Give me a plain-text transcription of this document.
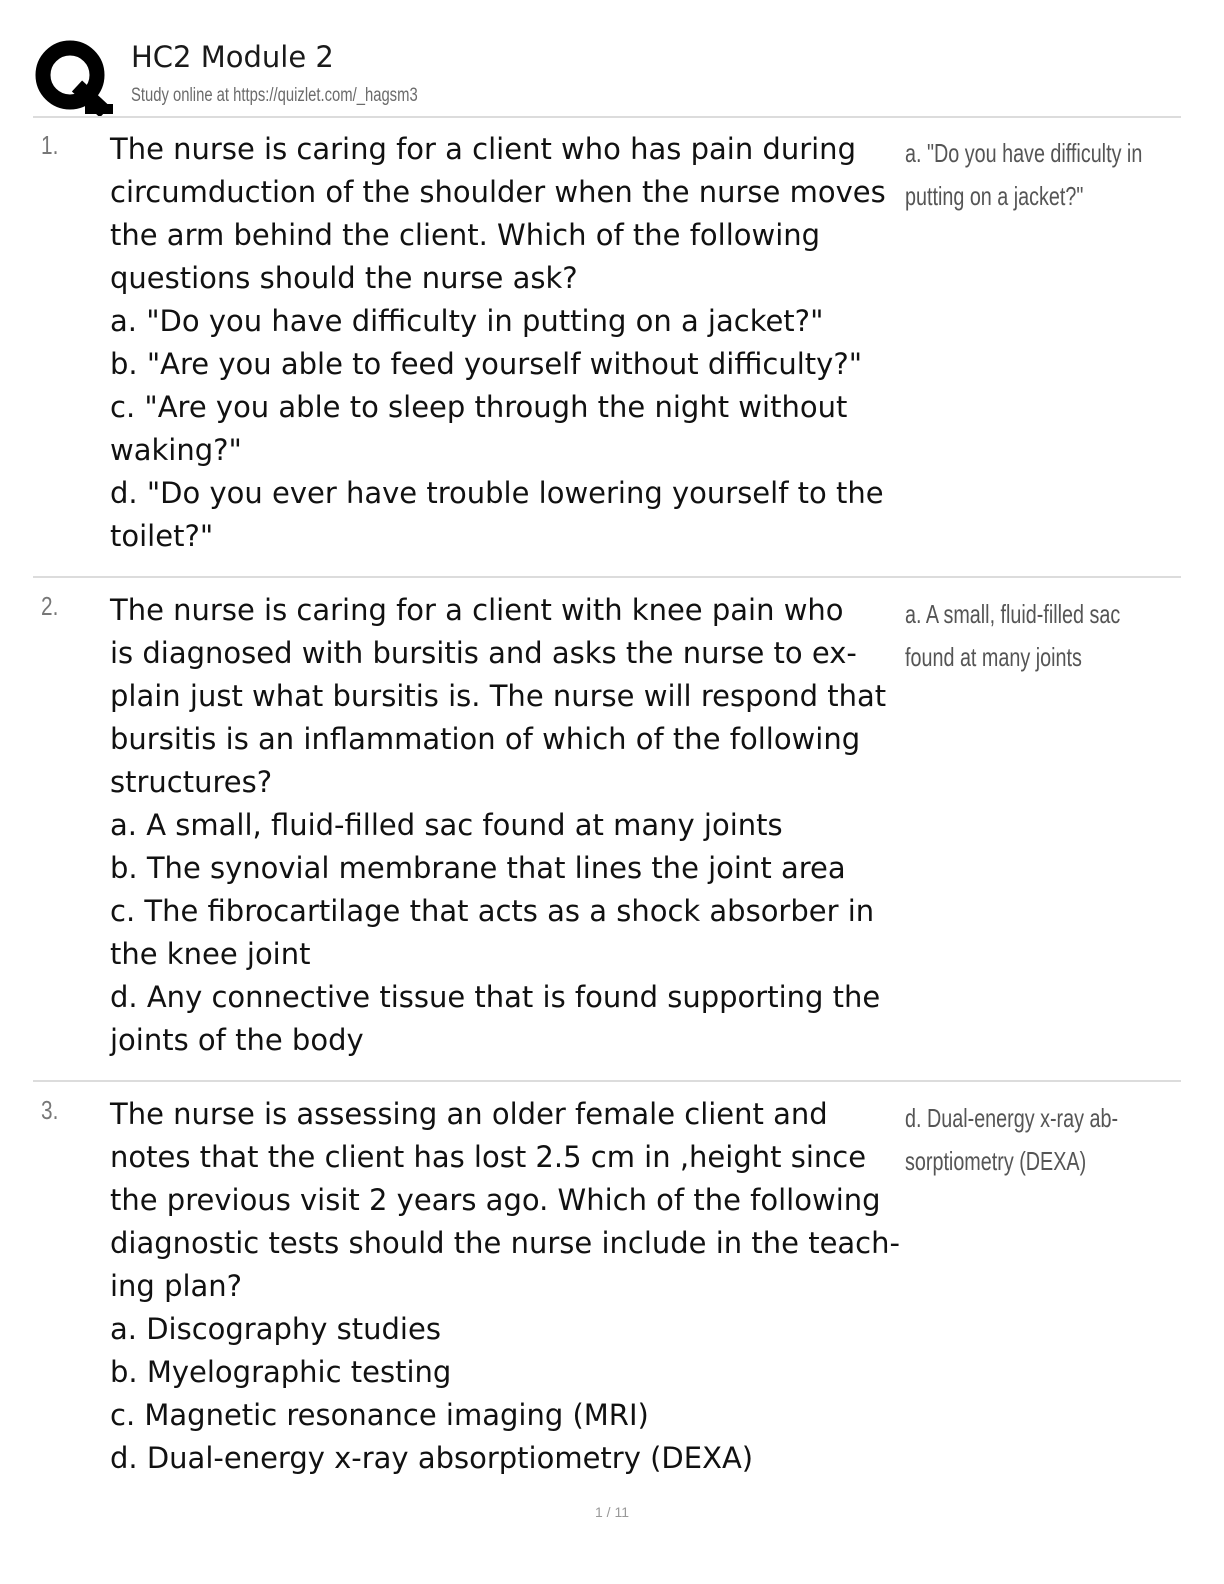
HC2 Module 2
Study online at https://quizlet.com/_hagsm3
1. The nurse is caring for a client who has pain during
circumduction of the shoulder when the nurse moves
the arm behind the client. Which of the following
questions should the nurse ask?
a. "Do you have difficulty in putting on a jacket?"
b. "Are you able to feed yourself without difficulty?"
c. "Are you able to sleep through the night without
waking?"
d. "Do you ever have trouble lowering yourself to the
toilet?"
a. "Do you have difficulty in
putting on a jacket?"
2. The nurse is caring for a client with knee pain who
is diagnosed with bursitis and asks the nurse to ex-
plain just what bursitis is. The nurse will respond that
bursitis is an inflammation of which of the following
structures?
a. A small, fluid-filled sac found at many joints
b. The synovial membrane that lines the joint area
c. The fibrocartilage that acts as a shock absorber in
the knee joint
d. Any connective tissue that is found supporting the
joints of the body
a. A small, fluid-filled sac
found at many joints
3. The nurse is assessing an older female client and
notes that the client has lost 2.5 cm in ,height since
the previous visit 2 years ago. Which of the following
diagnostic tests should the nurse include in the teach-
ing plan?
a. Discography studies
b. Myelographic testing
c. Magnetic resonance imaging (MRI)
d. Dual-energy x-ray absorptiometry (DEXA)
d. Dual-energy x-ray ab-
sorptiometry (DEXA)
1 / 11
